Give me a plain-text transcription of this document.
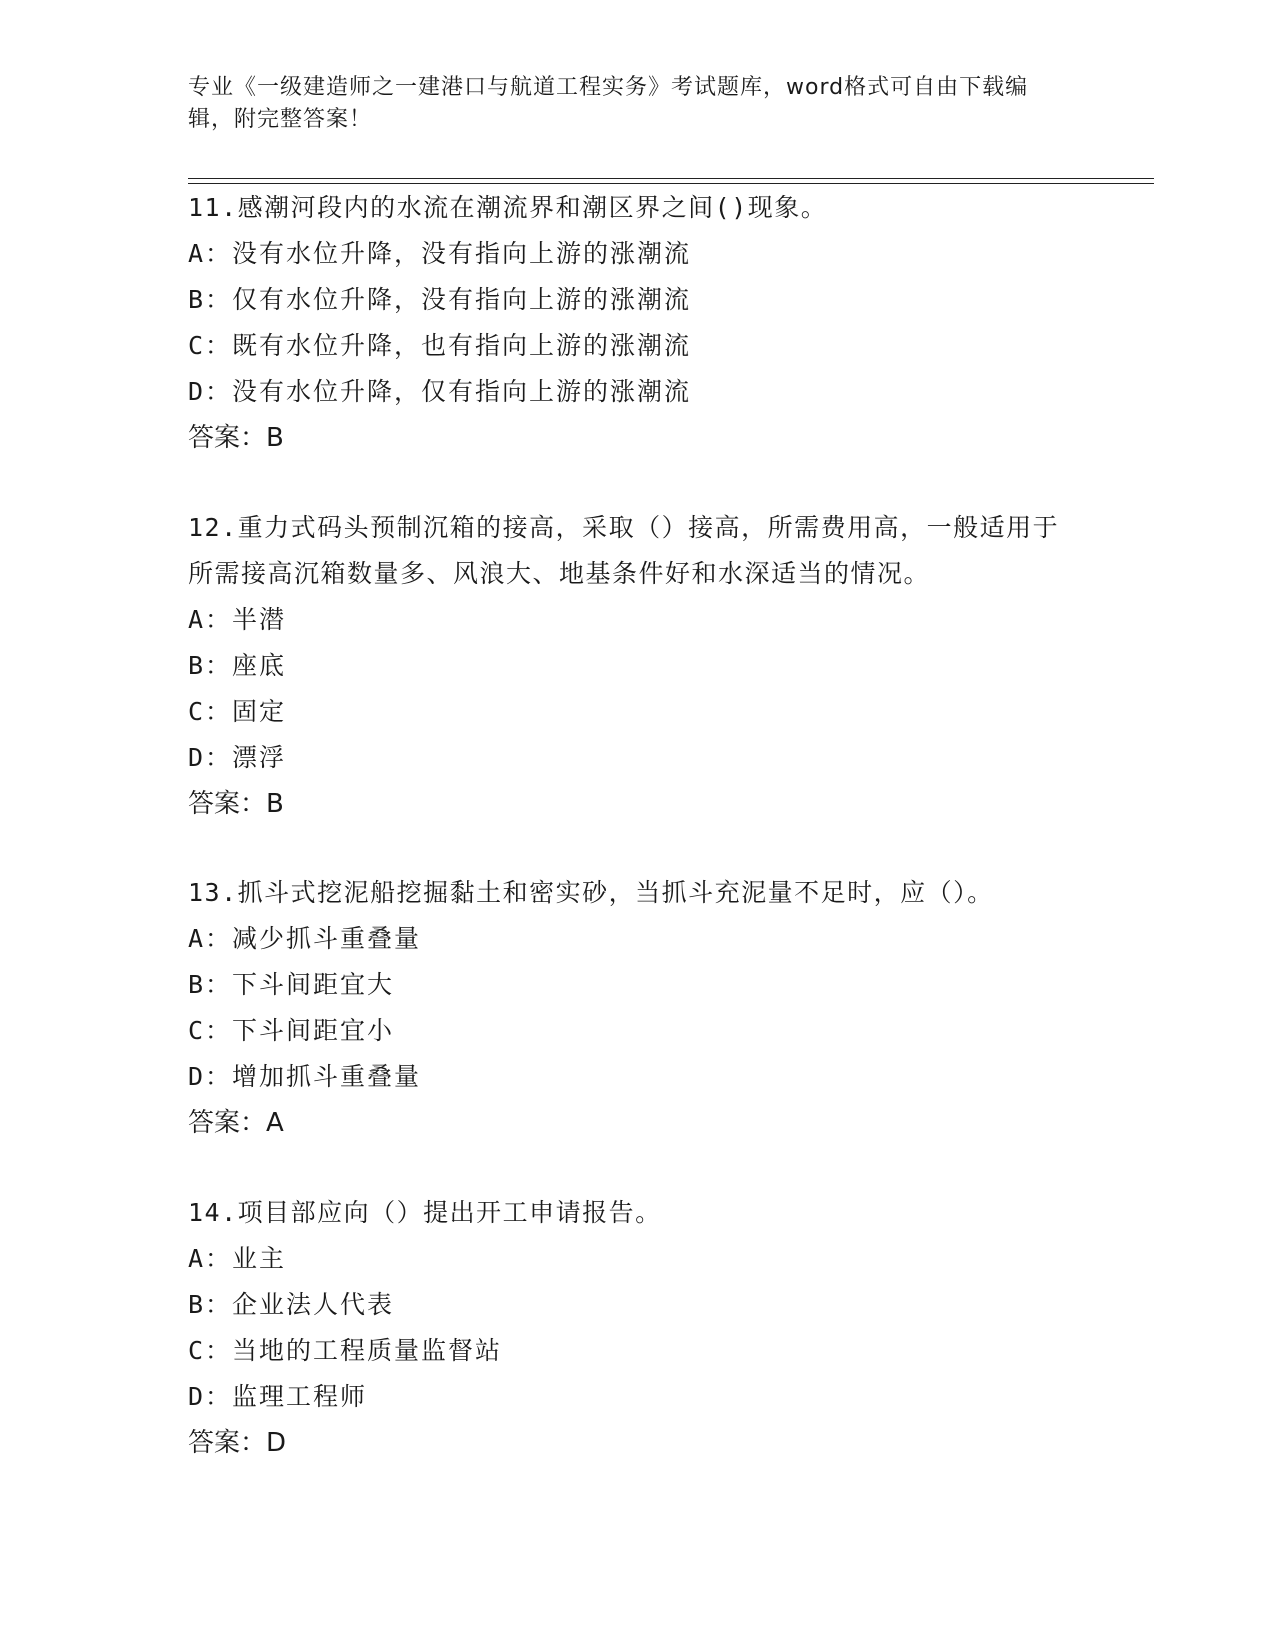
专业《一级建造师之一建港口与航道工程实务》考试题库，word格式可自由下载编辑，附完整答案！

11.感潮河段内的水流在潮流界和潮区界之间()现象。

A：没有水位升降，没有指向上游的涨潮流

B：仅有水位升降，没有指向上游的涨潮流

C：既有水位升降，也有指向上游的涨潮流

D：没有水位升降，仅有指向上游的涨潮流

答案：B

12.重力式码头预制沉箱的接高，采取（）接高，所需费用高，一般适用于所需接高沉箱数量多、风浪大、地基条件好和水深适当的情况。

A：半潜

B：座底

C：固定

D：漂浮

答案：B

13.抓斗式挖泥船挖掘黏土和密实砂，当抓斗充泥量不足时，应（）。

A：减少抓斗重叠量

B：下斗间距宜大

C：下斗间距宜小

D：增加抓斗重叠量

答案：A

14.项目部应向（）提出开工申请报告。

A：业主

B：企业法人代表

C：当地的工程质量监督站

D：监理工程师

答案：D
